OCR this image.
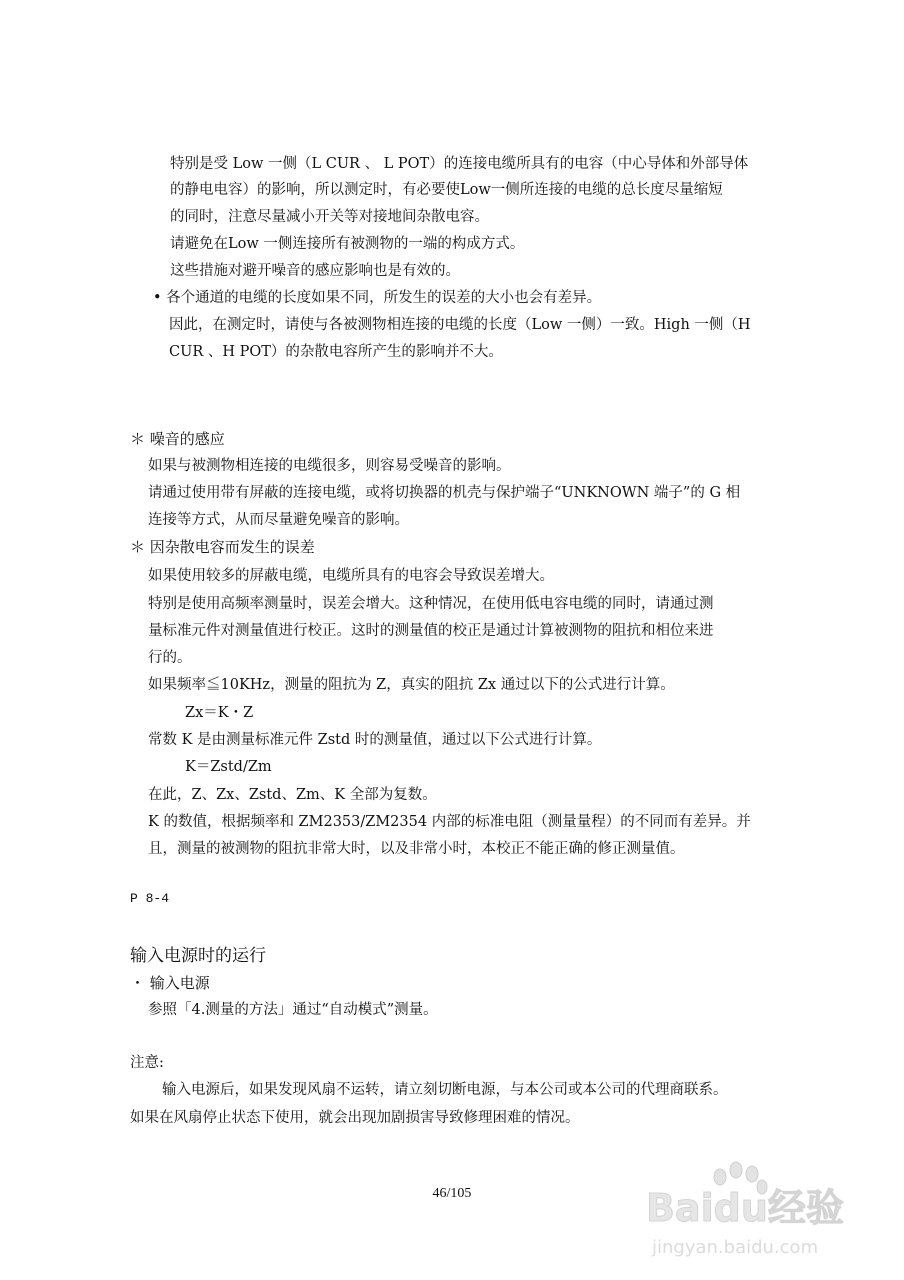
特别是受 Low 一侧（L CUR 、 L POT）的连接电缆所具有的电容（中心导体和外部导体
的静电电容）的影响，所以测定时，有必要使Low一侧所连接的电缆的总长度尽量缩短
的同时，注意尽量减小开关等对接地间杂散电容。
请避免在Low 一侧连接所有被测物的一端的构成方式。
这些措施对避开噪音的感应影响也是有效的。
• 各个通道的电缆的长度如果不同，所发生的误差的大小也会有差异。
因此，在测定时，请使与各被测物相连接的电缆的长度（Low 一侧）一致。High 一侧（H
CUR 、H POT）的杂散电容所产生的影响并不大。
＊ 噪音的感应
如果与被测物相连接的电缆很多，则容易受噪音的影响。
请通过使用带有屏蔽的连接电缆，或将切换器的机壳与保护端子“UNKNOWN 端子”的 G 相
连接等方式，从而尽量避免噪音的影响。
＊ 因杂散电容而发生的误差
如果使用较多的屏蔽电缆，电缆所具有的电容会导致误差增大。
特别是使用高频率测量时，误差会增大。这种情况，在使用低电容电缆的同时，请通过测
量标准元件对测量值进行校正。这时的测量值的校正是通过计算被测物的阻抗和相位来进
行的。
如果频率≦10KHz，测量的阻抗为 Z，真实的阻抗 Zx 通过以下的公式进行计算。
Zx＝K・Z
常数 K 是由测量标准元件 Zstd 时的测量值，通过以下公式进行计算。
K＝Zstd/Zm
在此，Z、Zx、Zstd、Zm、K 全部为复数。
K 的数值，根据频率和 ZM2353/ZM2354 内部的标准电阻（测量量程）的不同而有差异。并
且，测量的被测物的阻抗非常大时，以及非常小时，本校正不能正确的修正测量值。
P 8-4
输入电源时的运行
・ 输入电源
参照「4.测量的方法」通过“自动模式”测量。
注意:
输入电源后，如果发现风扇不运转，请立刻切断电源，与本公司或本公司的代理商联系。
如果在风扇停止状态下使用，就会出现加剧损害导致修理困难的情况。
46/105	Baidu经验
jingyan.baidu.com
